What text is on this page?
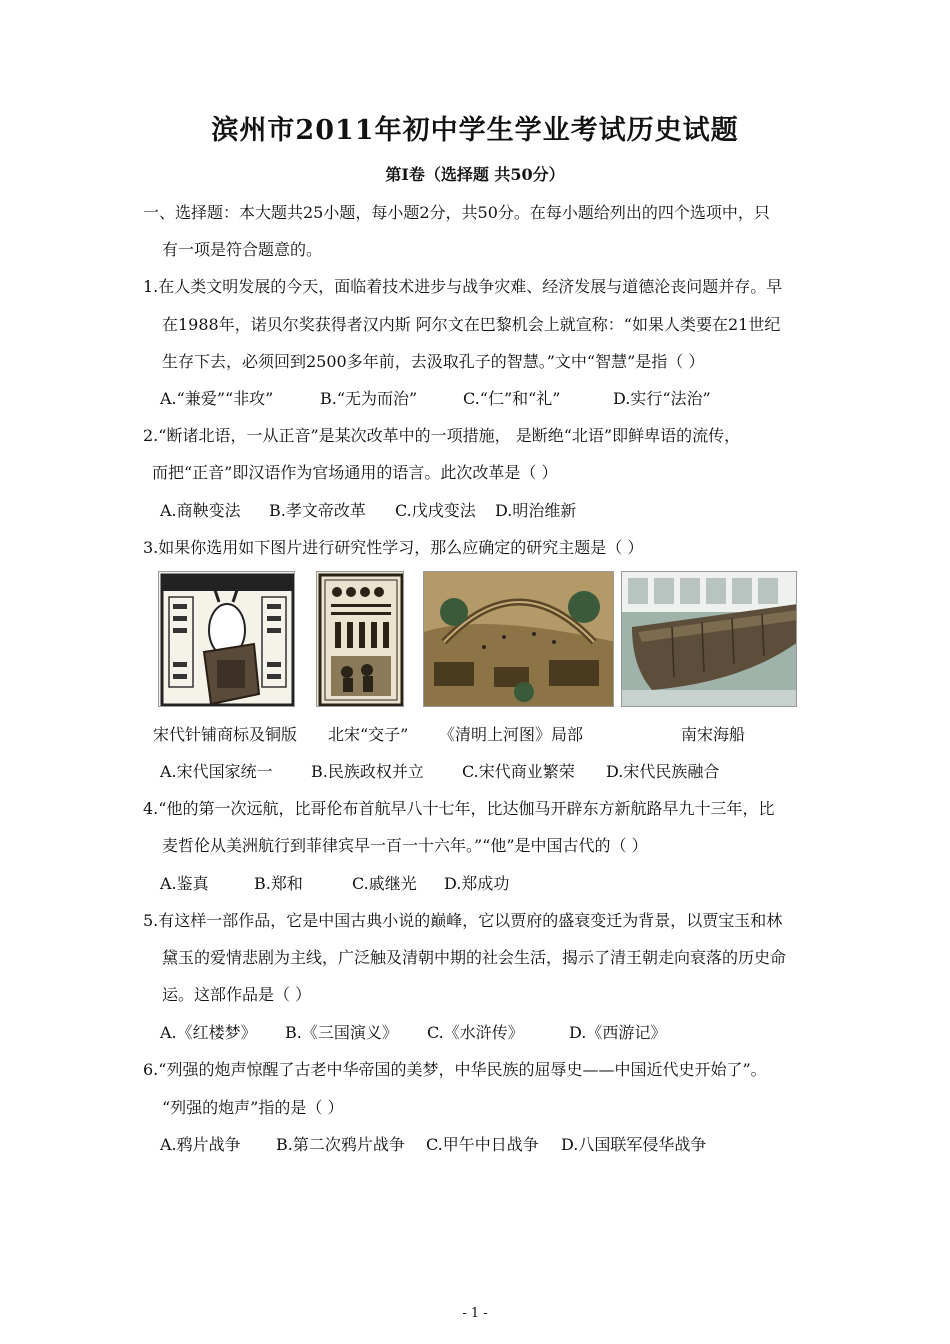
滨州市2011年初中学生学业考试历史试题
第Ⅰ卷（选择题 共50分）
一、选择题：本大题共25小题，每小题2分，共50分。在每小题给列出的四个选项中，只
有一项是符合题意的。
1.在人类文明发展的今天，面临着技术进步与战争灾难、经济发展与道德沦丧问题并存。早
在1988年，诺贝尔奖获得者汉内斯 阿尔文在巴黎机会上就宣称：“如果人类要在21世纪
生存下去，必须回到2500多年前，去汲取孔子的智慧。”文中“智慧”是指（ ）
A.“兼爱”“非攻”	B.“无为而治”	C.“仁”和“礼”	D.实行“法治”
2.“断诸北语，一从正音”是某次改革中的一项措施， 是断绝“北语”即鲜卑语的流传，
而把“正音”即汉语作为官场通用的语言。此次改革是（ ）
A.商鞅变法 B.孝文帝改革 C.戊戌变法 D.明治维新
3.如果你选用如下图片进行研究性学习，那么应确定的研究主题是（ ）
宋代针铺商标及铜版 北宋“交子” 《清明上河图》局部	南宋海船
A.宋代国家统一 B.民族政权并立 C.宋代商业繁荣 D.宋代民族融合
4.“他的第一次远航，比哥伦布首航早八十七年，比达伽马开辟东方新航路早九十三年，比
麦哲伦从美洲航行到菲律宾早一百一十六年。”“他”是中国古代的（ ）
A.鉴真	B.郑和	C.戚继光 D.郑成功
5.有这样一部作品，它是中国古典小说的巅峰，它以贾府的盛衰变迁为背景，以贾宝玉和林
黛玉的爱情悲剧为主线，广泛触及清朝中期的社会生活，揭示了清王朝走向衰落的历史命
运。这部作品是（ ）
A.《红楼梦》 B.《三国演义》 C.《水浒传》	D.《西游记》
6.“列强的炮声惊醒了古老中华帝国的美梦，中华民族的屈辱史——中国近代史开始了”。
“列强的炮声”指的是（ ）
A.鸦片战争 B.第二次鸦片战争 C.甲午中日战争 D.八国联军侵华战争
- 1 -
